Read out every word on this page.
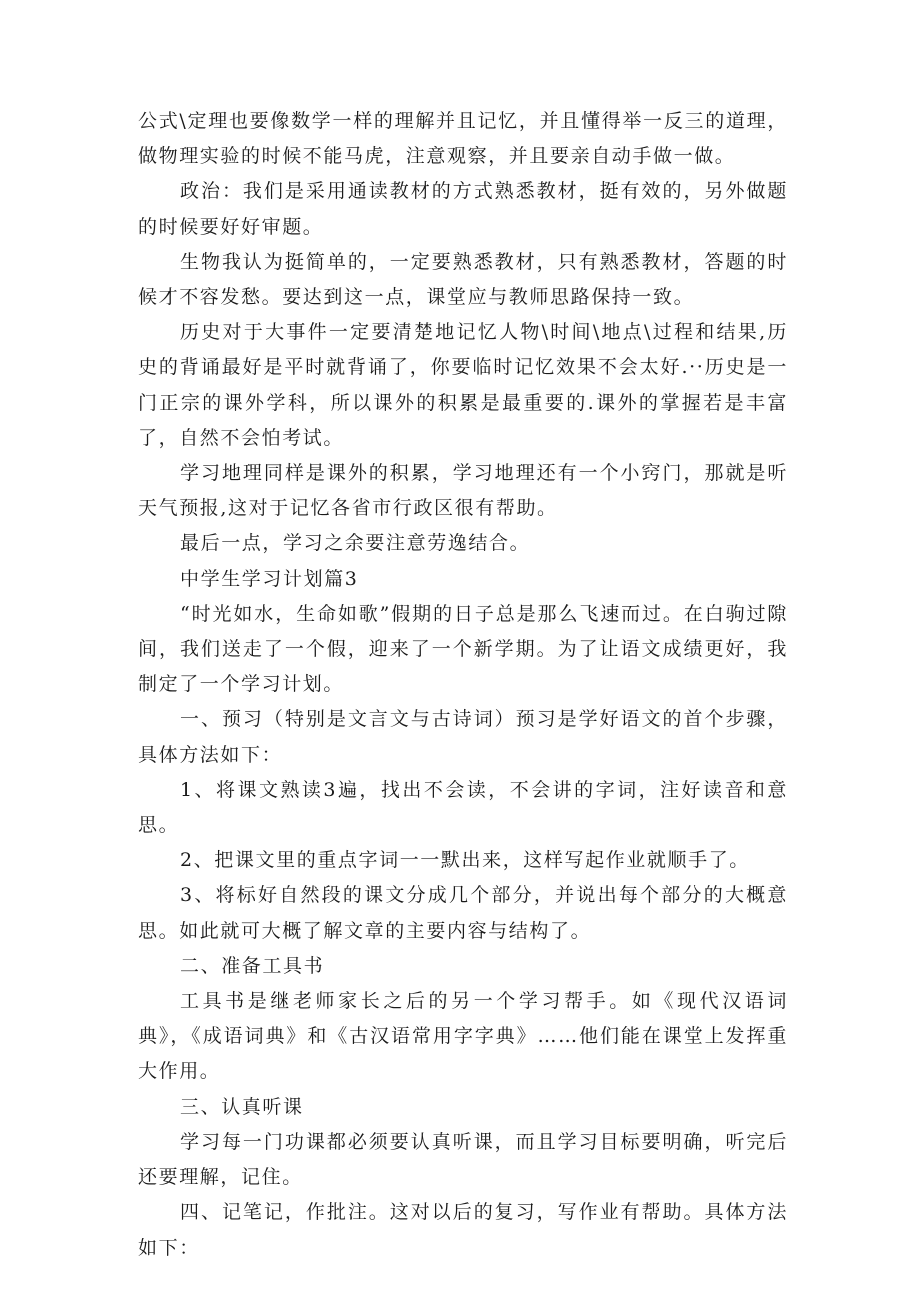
公式\定理也要像数学一样的理解并且记忆，并且懂得举一反三的道理，做物理实验的时候不能马虎，注意观察，并且要亲自动手做一做。

政治：我们是采用通读教材的方式熟悉教材，挺有效的，另外做题的时候要好好审题。

生物我认为挺简单的，一定要熟悉教材，只有熟悉教材，答题的时候才不容发愁。要达到这一点，课堂应与教师思路保持一致。

历史对于大事件一定要清楚地记忆人物\时间\地点\过程和结果,历史的背诵最好是平时就背诵了，你要临时记忆效果不会太好.··历史是一门正宗的课外学科，所以课外的积累是最重要的.课外的掌握若是丰富了，自然不会怕考试。

学习地理同样是课外的积累，学习地理还有一个小窍门，那就是听天气预报,这对于记忆各省市行政区很有帮助。

最后一点，学习之余要注意劳逸结合。

中学生学习计划篇3

“时光如水，生命如歌”假期的日子总是那么飞速而过。在白驹过隙间，我们送走了一个假，迎来了一个新学期。为了让语文成绩更好，我制定了一个学习计划。

一、预习（特别是文言文与古诗词）预习是学好语文的首个步骤，具体方法如下：

1、将课文熟读3遍，找出不会读，不会讲的字词，注好读音和意思。

2、把课文里的重点字词一一默出来，这样写起作业就顺手了。

3、将标好自然段的课文分成几个部分，并说出每个部分的大概意思。如此就可大概了解文章的主要内容与结构了。

二、准备工具书

工具书是继老师家长之后的另一个学习帮手。如《现代汉语词典》，《成语词典》和《古汉语常用字字典》……他们能在课堂上发挥重大作用。

三、认真听课

学习每一门功课都必须要认真听课，而且学习目标要明确，听完后还要理解，记住。

四、记笔记，作批注。这对以后的复习，写作业有帮助。具体方法如下：
